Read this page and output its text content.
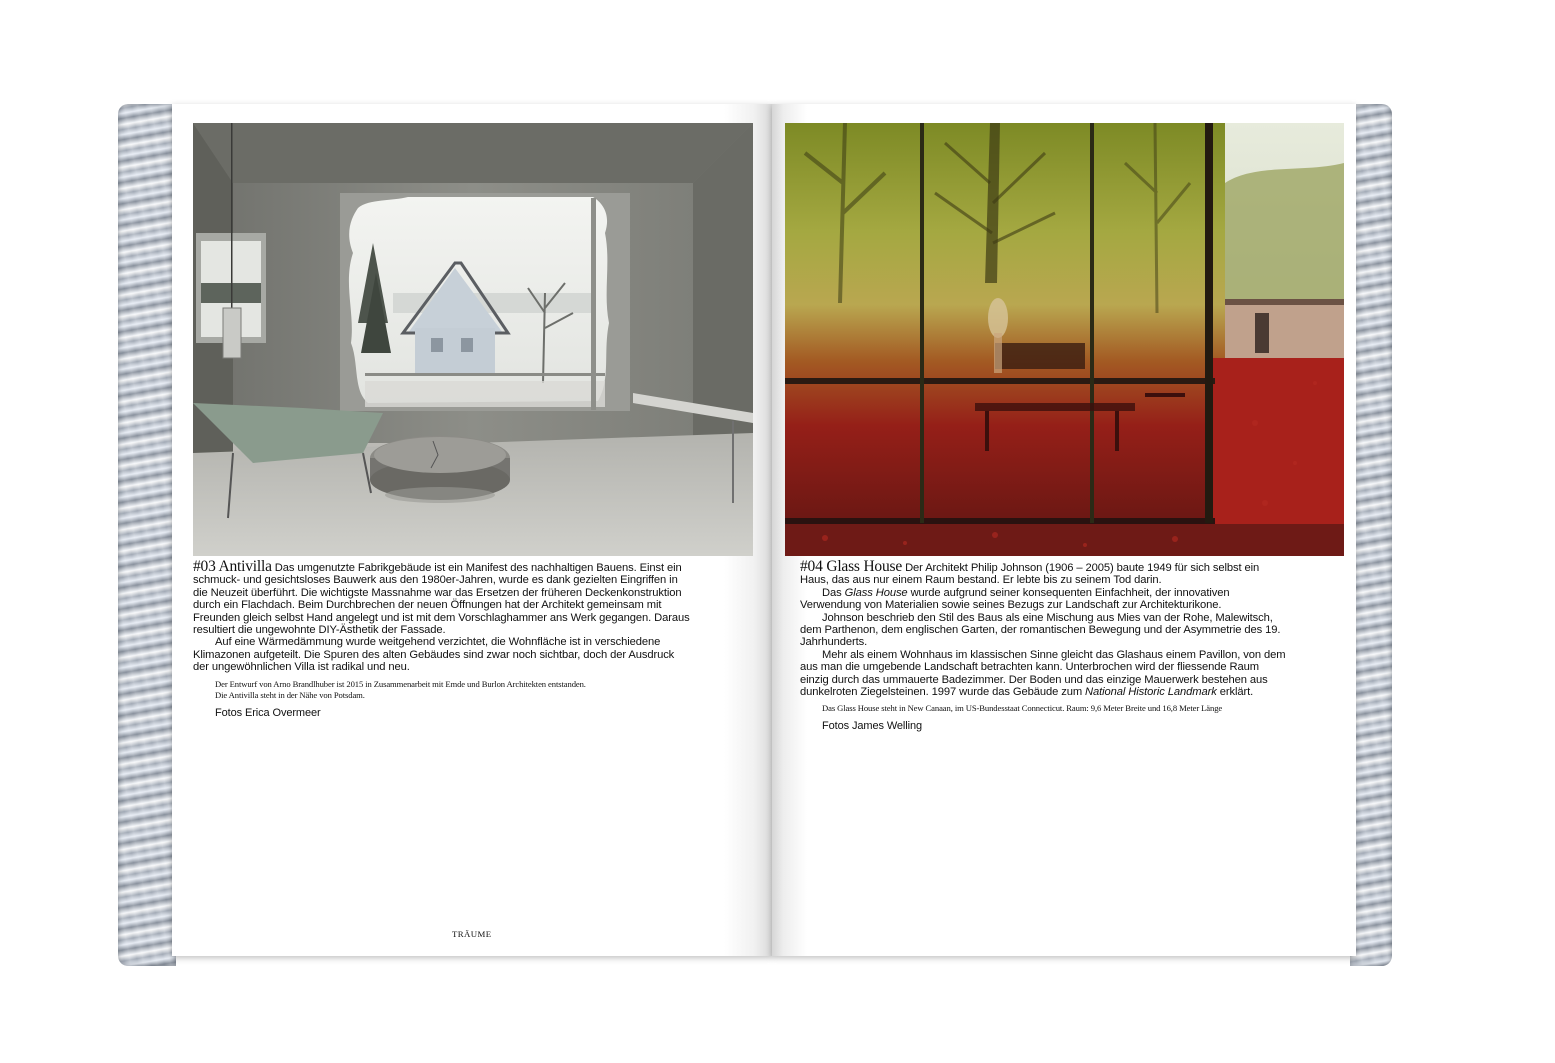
#03 Antivilla Das umgenutzte Fabrikgebäude ist ein Manifest des nachhaltigen Bauens. Einst ein schmuck- und gesichtsloses Bauwerk aus den 1980er-Jahren, wurde es dank gezielten Eingriffen in die Neuzeit überführt. Die wichtigste Massnahme war das Ersetzen der früheren Deckenkonstruktion durch ein Flachdach. Beim Durchbrechen der neuen Öffnungen hat der Architekt gemeinsam mit Freunden gleich selbst Hand angelegt und ist mit dem Vorschlaghammer ans Werk gegangen. Daraus resultiert die ungewohnte DIY-Ästhetik der Fassade.

Auf eine Wärmedämmung wurde weitgehend verzichtet, die Wohnfläche ist in verschiedene Klimazonen aufgeteilt. Die Spuren des alten Gebäudes sind zwar noch sichtbar, doch der Ausdruck der ungewöhnlichen Villa ist radikal und neu.

Der Entwurf von Arno Brandlhuber ist 2015 in Zusammenarbeit mit Emde und Burlon Architekten entstanden.
Die Antivilla steht in der Nähe von Potsdam.
Fotos Erica Overmeer

#04 Glass House Der Architekt Philip Johnson (1906 – 2005) baute 1949 für sich selbst ein Haus, das aus nur einem Raum bestand. Er lebte bis zu seinem Tod darin.

Das Glass House wurde aufgrund seiner konsequenten Einfachheit, der innovativen Verwendung von Materialien sowie seines Bezugs zur Landschaft zur Architekturikone.

Johnson beschrieb den Stil des Baus als eine Mischung aus Mies van der Rohe, Malewitsch, dem Parthenon, dem englischen Garten, der romantischen Bewegung und der Asymmetrie des 19. Jahrhunderts.

Mehr als einem Wohnhaus im klassischen Sinne gleicht das Glashaus einem Pavillon, von dem aus man die umgebende Landschaft betrachten kann. Unterbrochen wird der fliessende Raum einzig durch das ummauerte Badezimmer. Der Boden und das einzige Mauerwerk bestehen aus dunkelroten Ziegelsteinen. 1997 wurde das Gebäude zum National Historic Landmark erklärt.

Das Glass House steht in New Canaan, im US-Bundesstaat Connecticut. Raum: 9,6 Meter Breite und 16,8 Meter Länge
Fotos James Welling
TRÄUME
